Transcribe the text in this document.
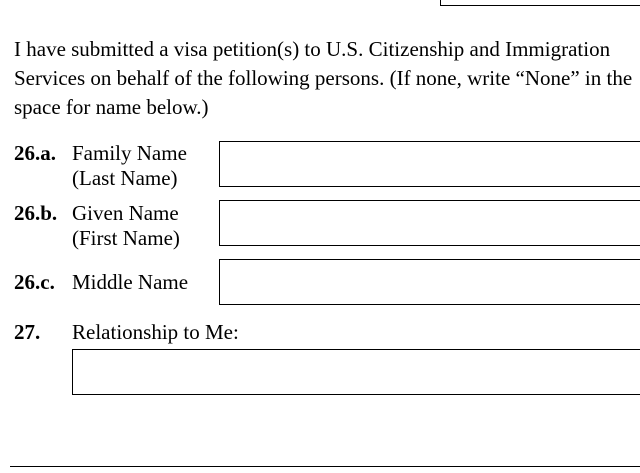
I have submitted a visa petition(s) to U.S. Citizenship and Immigration Services on behalf of the following persons. (If none, write “None” in the space for name below.)

26.a. Family Name
(Last Name)
26.b. Given Name
(First Name)
26.c. Middle Name
27. Relationship to Me:
